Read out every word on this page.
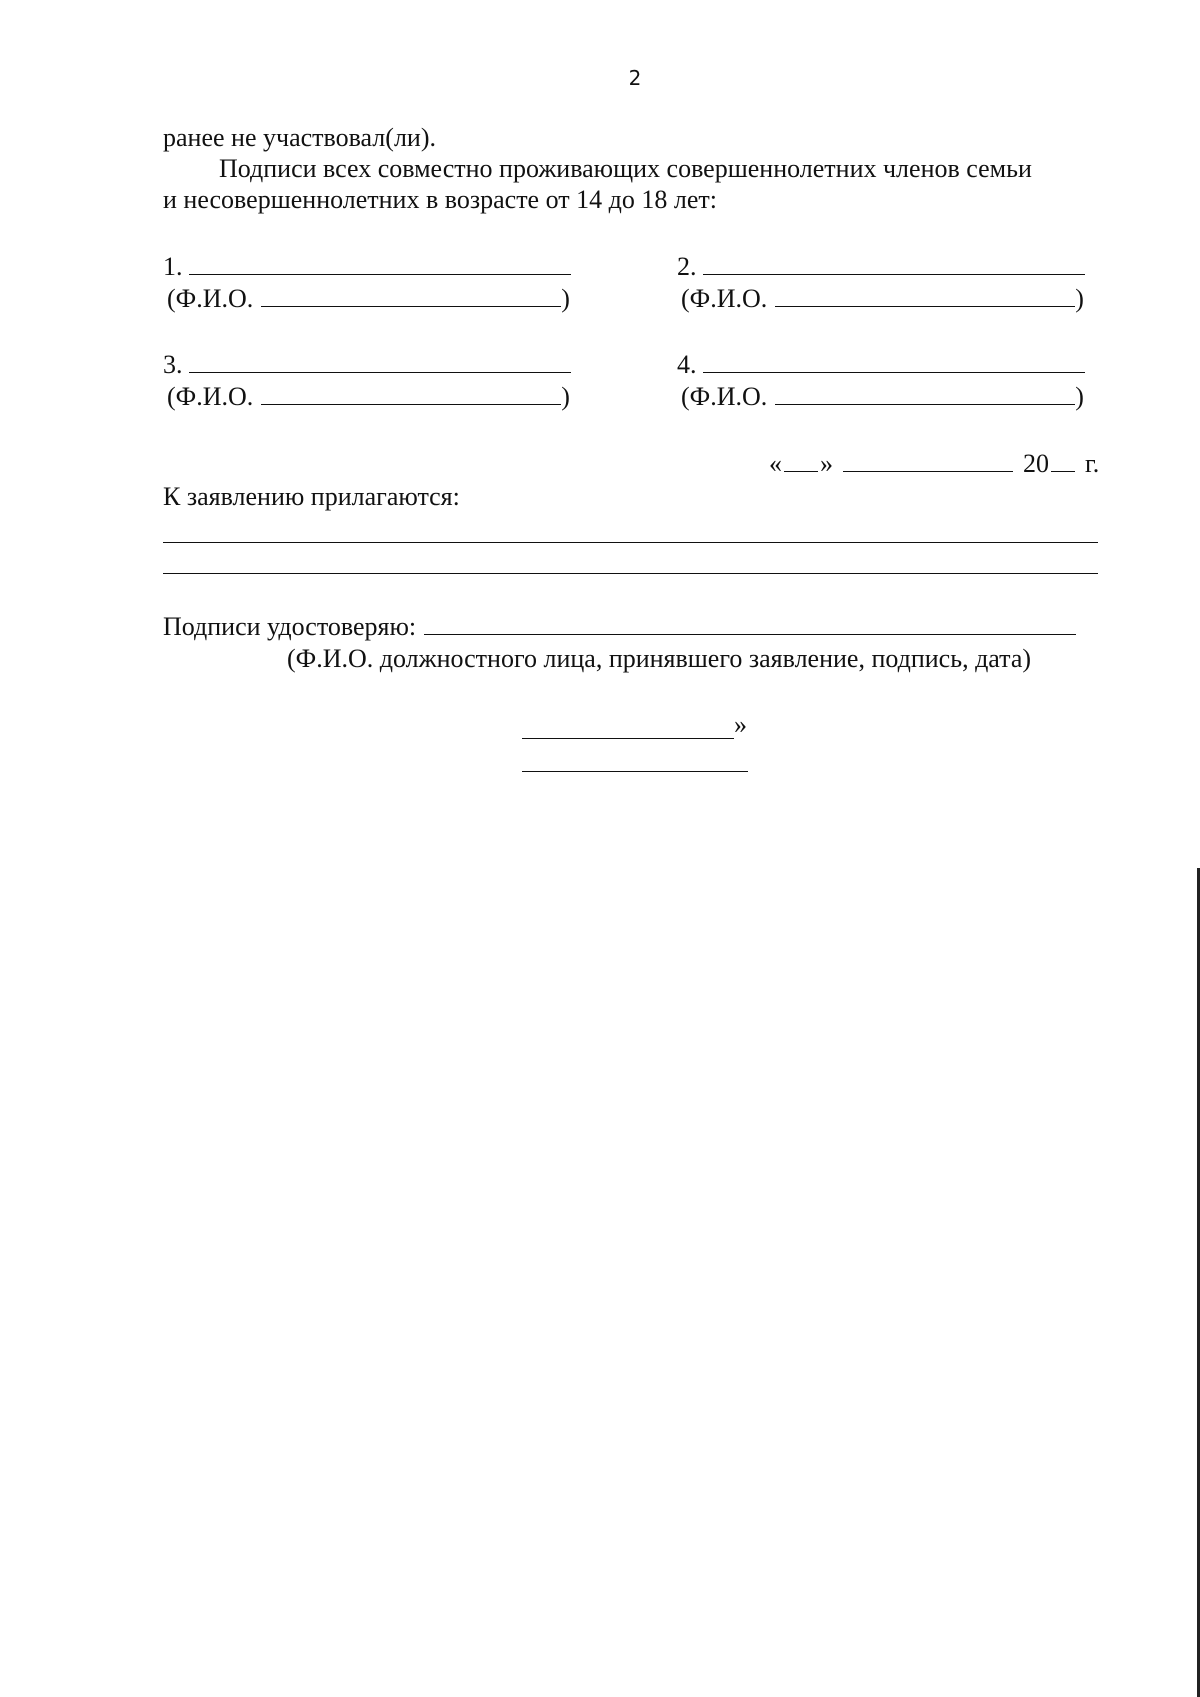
2
ранее не участвовал(ли).
Подписи всех совместно проживающих совершеннолетних членов семьи
и несовершеннолетних в возрасте от 14 до 18 лет:
1.
(Ф.И.О.	)
2.
(Ф.И.О.	)
3.
(Ф.И.О.	)
4.
(Ф.И.О.	)
« »	20 г.
К заявлению прилагаются:
Подписи удостоверяю:
(Ф.И.О. должностного лица, принявшего заявление, подпись, дата)
»
